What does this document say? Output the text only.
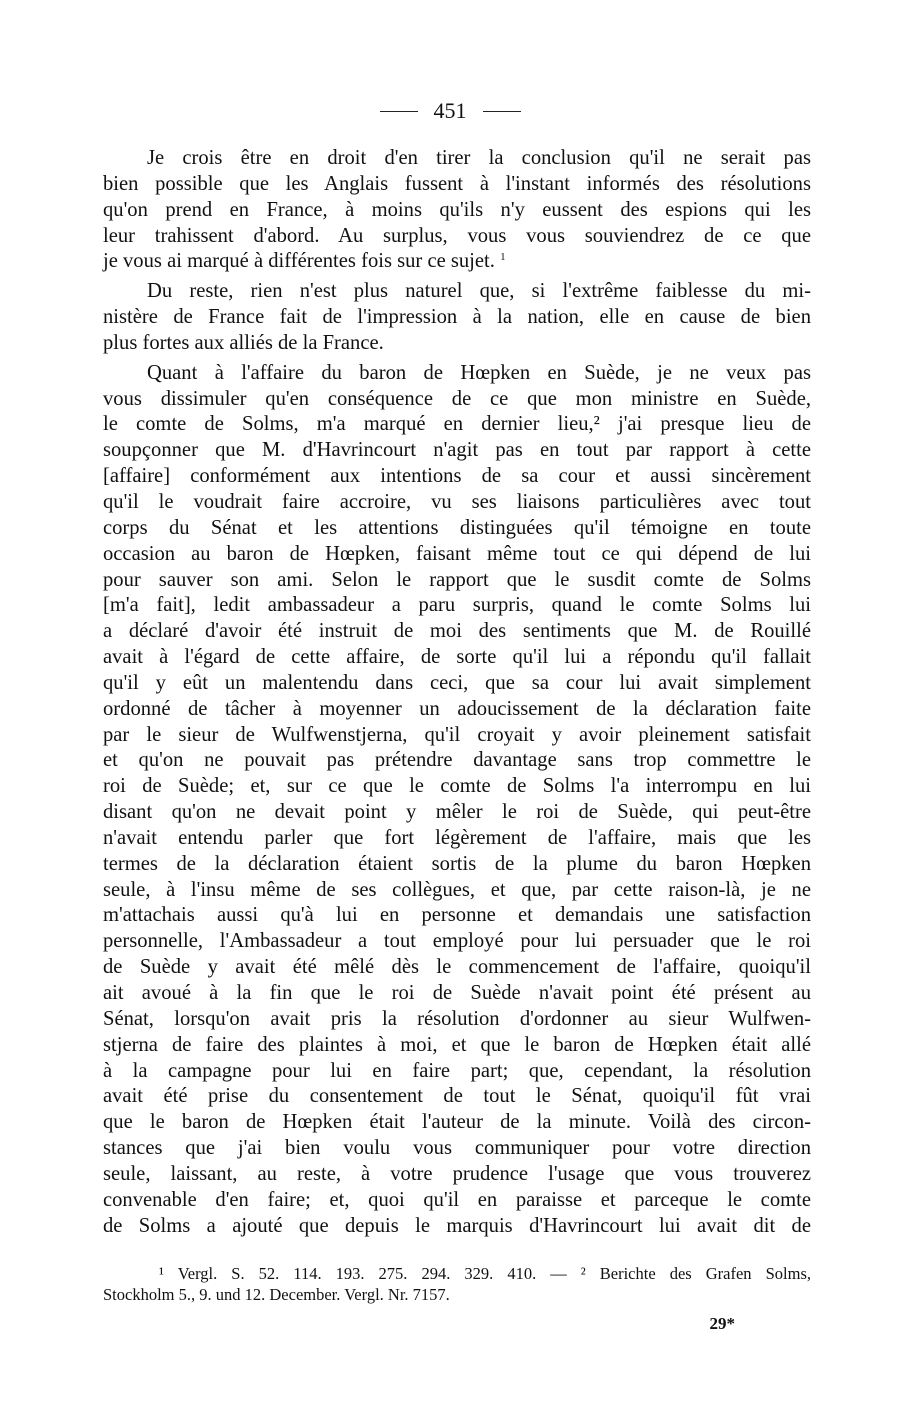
451

Je crois être en droit d'en tirer la conclusion qu'il ne serait pas
bien possible que les Anglais fussent à l'instant informés des résolutions
qu'on prend en France, à moins qu'ils n'y eussent des espions qui les
leur trahissent d'abord. Au surplus, vous vous souviendrez de ce que
je vous ai marqué à différentes fois sur ce sujet. $^1$

Du reste, rien n'est plus naturel que, si l'extrême faiblesse du mi-
nistère de France fait de l'impression à la nation, elle en cause de bien
plus fortes aux alliés de la France.

Quant à l'affaire du baron de Hœpken en Suède, je ne veux pas
vous dissimuler qu'en conséquence de ce que mon ministre en Suède,
le comte de Solms, m'a marqué en dernier lieu,² j'ai presque lieu de
soupçonner que M. d'Havrincourt n'agit pas en tout par rapport à cette
[affaire] conformément aux intentions de sa cour et aussi sincèrement
qu'il le voudrait faire accroire, vu ses liaisons particulières avec tout
corps du Sénat et les attentions distinguées qu'il témoigne en toute
occasion au baron de Hœpken, faisant même tout ce qui dépend de lui
pour sauver son ami. Selon le rapport que le susdit comte de Solms
[m'a fait], ledit ambassadeur a paru surpris, quand le comte Solms lui
a déclaré d'avoir été instruit de moi des sentiments que M. de Rouillé
avait à l'égard de cette affaire, de sorte qu'il lui a répondu qu'il fallait
qu'il y eût un malentendu dans ceci, que sa cour lui avait simplement
ordonné de tâcher à moyenner un adoucissement de la déclaration faite
par le sieur de Wulfwenstjerna, qu'il croyait y avoir pleinement satisfait
et qu'on ne pouvait pas prétendre davantage sans trop commettre le
roi de Suède; et, sur ce que le comte de Solms l'a interrompu en lui
disant qu'on ne devait point y mêler le roi de Suède, qui peut-être
n'avait entendu parler que fort légèrement de l'affaire, mais que les
termes de la déclaration étaient sortis de la plume du baron Hœpken
seule, à l'insu même de ses collègues, et que, par cette raison-là, je ne
m'attachais aussi qu'à lui en personne et demandais une satisfaction
personnelle, l'Ambassadeur a tout employé pour lui persuader que le roi
de Suède y avait été mêlé dès le commencement de l'affaire, quoiqu'il
ait avoué à la fin que le roi de Suède n'avait point été présent au
Sénat, lorsqu'on avait pris la résolution d'ordonner au sieur Wulfwen-
stjerna de faire des plaintes à moi, et que le baron de Hœpken était allé
à la campagne pour lui en faire part; que, cependant, la résolution
avait été prise du consentement de tout le Sénat, quoiqu'il fût vrai
que le baron de Hœpken était l'auteur de la minute. Voilà des circon-
stances que j'ai bien voulu vous communiquer pour votre direction
seule, laissant, au reste, à votre prudence l'usage que vous trouverez
convenable d'en faire; et, quoi qu'il en paraisse et parceque le comte
de Solms a ajouté que depuis le marquis d'Havrincourt lui avait dit de

¹ Vergl. S. 52. 114. 193. 275. 294. 329. 410. — ² Berichte des Grafen Solms,
Stockholm 5., 9. und 12. December. Vergl. Nr. 7157.
29*
